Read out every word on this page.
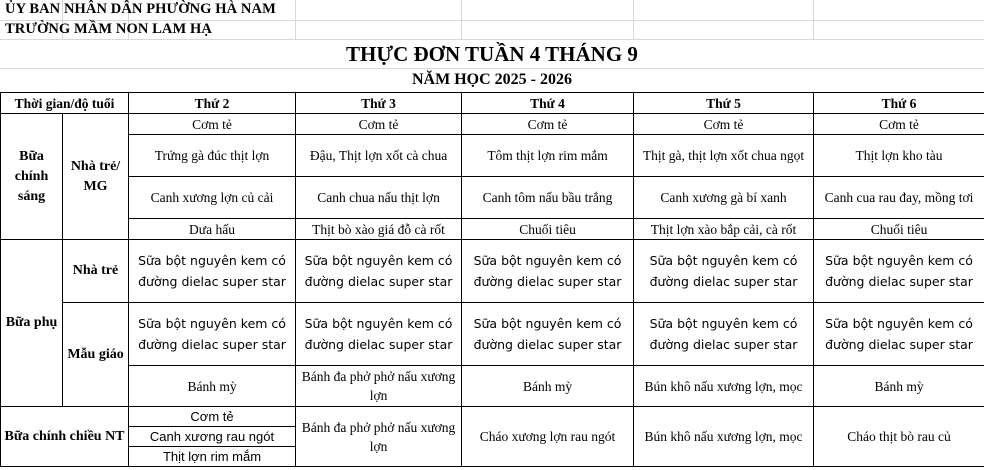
ỦY BAN NHÂN DÂN PHƯỜNG HÀ NAM
TRƯỜNG MẦM NON LAM HẠ
THỰC ĐƠN TUẦN 4 THÁNG 9
NĂM HỌC 2025 - 2026
Thời gian/độ tuổi		Thứ 2	Thứ 3	Thứ 4	Thứ 5	Thứ 6
Bữa chính sáng	Nhà trẻ/ MG	Cơm tẻ	Cơm tẻ	Cơm tẻ	Cơm tẻ	Cơm tẻ
		Trứng gà đúc thịt lợn	Đậu, Thịt lợn xốt cà chua	Tôm thịt lợn rim mắm	Thịt gà, thịt lợn xốt chua ngọt	Thịt lợn kho tàu
		Canh xương lợn củ cải	Canh chua nấu thịt lợn	Canh tôm nấu bầu trắng	Canh xương gà bí xanh	Canh cua rau đay, mồng tơi
		Dưa hấu	Thịt bò xào giá đỗ cà rốt	Chuối tiêu	Thịt lợn xào bắp cải, cà rốt	Chuối tiêu
Bữa phụ	Nhà trẻ	Sữa bột nguyên kem có đường dielac super star	Sữa bột nguyên kem có đường dielac super star	Sữa bột nguyên kem có đường dielac super star	Sữa bột nguyên kem có đường dielac super star	Sữa bột nguyên kem có đường dielac super star
	Mẫu giáo	Sữa bột nguyên kem có đường dielac super star	Sữa bột nguyên kem có đường dielac super star	Sữa bột nguyên kem có đường dielac super star	Sữa bột nguyên kem có đường dielac super star	Sữa bột nguyên kem có đường dielac super star
		Bánh mỳ	Bánh đa phở phở nấu xương lợn	Bánh mỳ	Bún khô nấu xương lợn, mọc	Bánh mỳ
Bữa chính chiều NT		Cơm tẻ	Bánh đa phở phở nấu xương lợn	Cháo xương lợn rau ngót	Bún khô nấu xương lợn, mọc	Cháo thịt bò rau củ
		Canh xương rau ngót				
		Thịt lợn rim mắm				
